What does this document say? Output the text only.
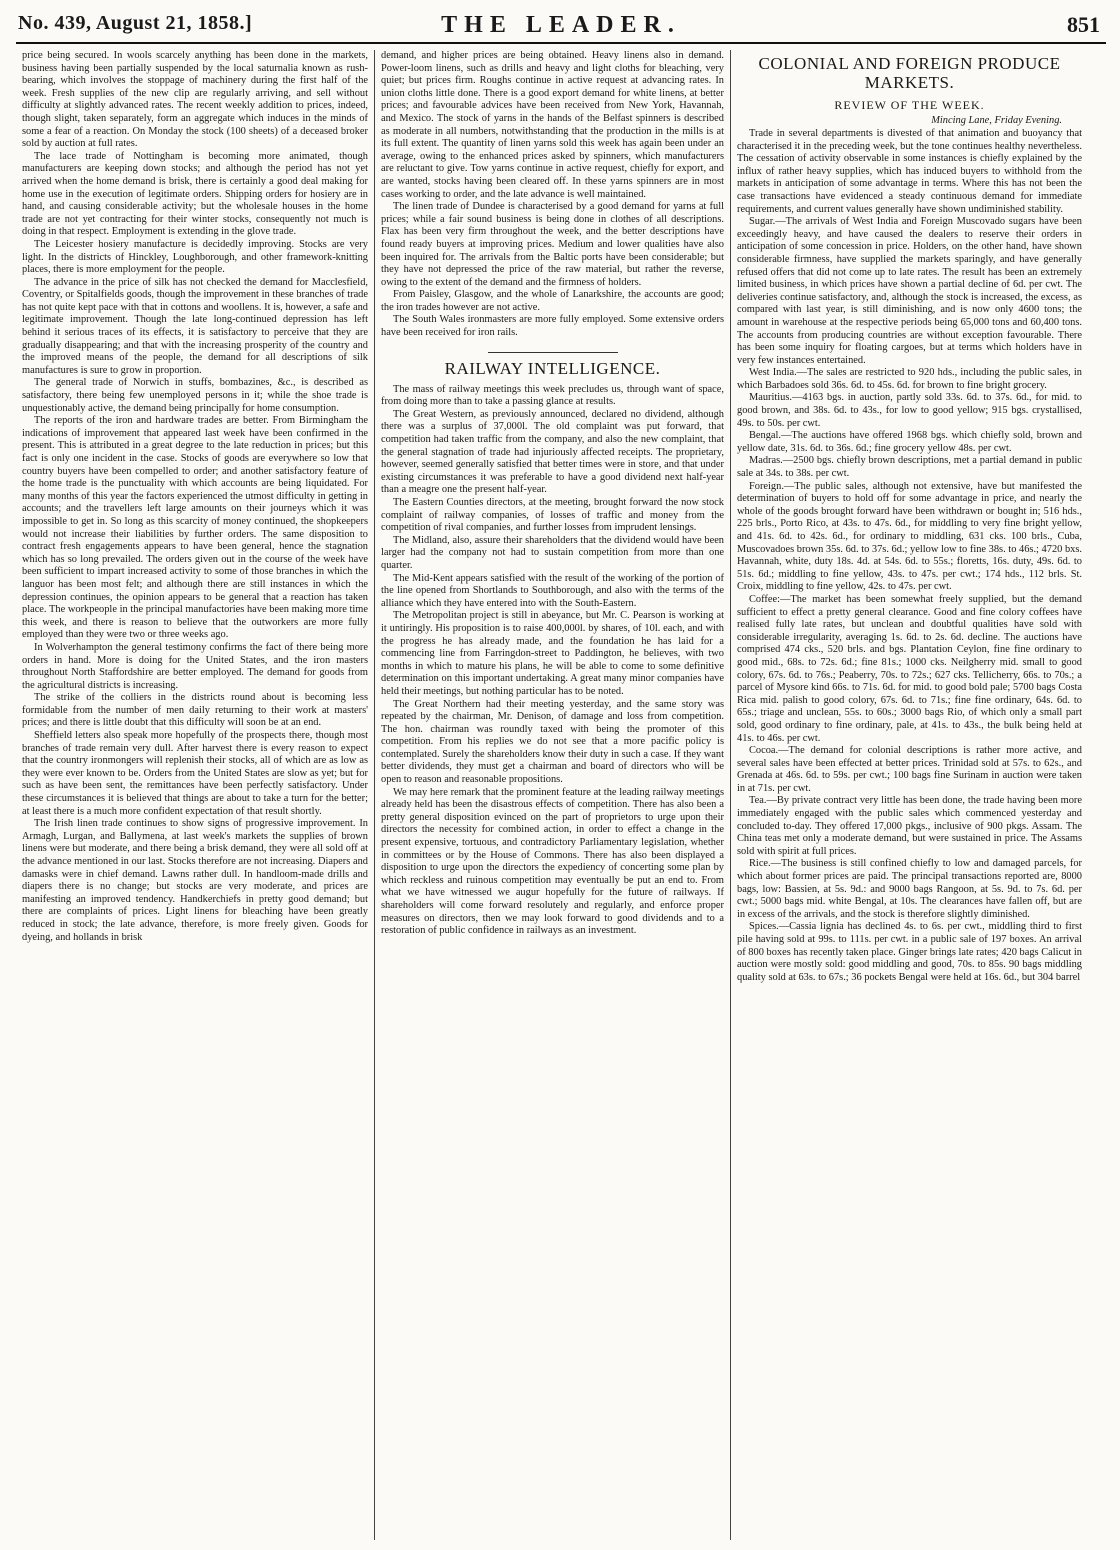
No. 439, August 21, 1858.]	THE LEADER.	851

price being secured. In wools scarcely anything has been done in the markets, business having been partially suspended by the local saturnalia known as rush-bearing, which involves the stoppage of machinery during the first half of the week. Fresh supplies of the new clip are regularly arriving, and sell without difficulty at slightly advanced rates. The recent weekly addition to prices, indeed, though slight, taken separately, form an aggregate which induces in the minds of some a fear of a reaction. On Monday the stock (100 sheets) of a deceased broker sold by auction at full rates.

The lace trade of Nottingham is becoming more animated, though manufacturers are keeping down stocks; and although the period has not yet arrived when the home demand is brisk, there is certainly a good deal making for home use in the execution of legitimate orders. Shipping orders for hosiery are in hand, and causing considerable activity; but the wholesale houses in the home trade are not yet contracting for their winter stocks, consequently not much is doing in that respect. Employment is extending in the glove trade.

The Leicester hosiery manufacture is decidedly improving. Stocks are very light. In the districts of Hinckley, Loughborough, and other framework-knitting places, there is more employment for the people.

The advance in the price of silk has not checked the demand for Macclesfield, Coventry, or Spitalfields goods, though the improvement in these branches of trade has not quite kept pace with that in cottons and woollens. It is, however, a safe and legitimate improvement. Though the late long-continued depression has left behind it serious traces of its effects, it is satisfactory to perceive that they are gradually disappearing; and that with the increasing prosperity of the country and the improved means of the people, the demand for all descriptions of silk manufactures is sure to grow in proportion.

The general trade of Norwich in stuffs, bombazines, &c., is described as satisfactory, there being few unemployed persons in it; while the shoe trade is unquestionably active, the demand being principally for home consumption.

The reports of the iron and hardware trades are better. From Birmingham the indications of improvement that appeared last week have been confirmed in the present. This is attributed in a great degree to the late reduction in prices; but this fact is only one incident in the case. Stocks of goods are everywhere so low that country buyers have been compelled to order; and another satisfactory feature of the home trade is the punctuality with which accounts are being liquidated. For many months of this year the factors experienced the utmost difficulty in getting in accounts; and the travellers left large amounts on their journeys which it was impossible to get in. So long as this scarcity of money continued, the shopkeepers would not increase their liabilities by further orders. The same disposition to contract fresh engagements appears to have been general, hence the stagnation which has so long prevailed. The orders given out in the course of the week have been sufficient to impart increased activity to some of those branches in which the languor has been most felt; and although there are still instances in which the depression continues, the opinion appears to be general that a reaction has taken place. The workpeople in the principal manufactories have been making more time this week, and there is reason to believe that the outworkers are more fully employed than they were two or three weeks ago.

In Wolverhampton the general testimony confirms the fact of there being more orders in hand. More is doing for the United States, and the iron masters throughout North Staffordshire are better employed. The demand for goods from the agricultural districts is increasing.

The strike of the colliers in the districts round about is becoming less formidable from the number of men daily returning to their work at masters' prices; and there is little doubt that this difficulty will soon be at an end.

Sheffield letters also speak more hopefully of the prospects there, though most branches of trade remain very dull. After harvest there is every reason to expect that the country ironmongers will replenish their stocks, all of which are as low as they were ever known to be. Orders from the United States are slow as yet; but for such as have been sent, the remittances have been perfectly satisfactory. Under these circumstances it is believed that things are about to take a turn for the better; at least there is a much more confident expectation of that result shortly.

The Irish linen trade continues to show signs of progressive improvement. In Armagh, Lurgan, and Ballymena, at last week's markets the supplies of brown linens were but moderate, and there being a brisk demand, they were all sold off at the advance mentioned in our last. Stocks therefore are not increasing. Diapers and damasks were in chief demand. Lawns rather dull. In handloom-made drills and diapers there is no change; but stocks are very moderate, and prices are manifesting an improved tendency. Handkerchiefs in pretty good demand; but there are complaints of prices. Light linens for bleaching have been greatly reduced in stock; the late advance, therefore, is more freely given. Goods for dyeing, and hollands in brisk

demand, and higher prices are being obtained. Heavy linens also in demand. Power-loom linens, such as drills and heavy and light cloths for bleaching, very quiet; but prices firm. Roughs continue in active request at advancing rates. In union cloths little done. There is a good export demand for white linens, at better prices; and favourable advices have been received from New York, Havannah, and Mexico. The stock of yarns in the hands of the Belfast spinners is described as moderate in all numbers, notwithstanding that the production in the mills is at its full extent. The quantity of linen yarns sold this week has again been under an average, owing to the enhanced prices asked by spinners, which manufacturers are reluctant to give. Tow yarns continue in active request, chiefly for export, and are wanted, stocks having been cleared off. In these yarns spinners are in most cases working to order, and the late advance is well maintained.

The linen trade of Dundee is characterised by a good demand for yarns at full prices; while a fair sound business is being done in clothes of all descriptions. Flax has been very firm throughout the week, and the better descriptions have found ready buyers at improving prices. Medium and lower qualities have also been inquired for. The arrivals from the Baltic ports have been considerable; but they have not depressed the price of the raw material, but rather the reverse, owing to the extent of the demand and the firmness of holders.

From Paisley, Glasgow, and the whole of Lanarkshire, the accounts are good; the iron trades however are not active.

The South Wales ironmasters are more fully employed. Some extensive orders have been received for iron rails.

RAILWAY INTELLIGENCE.

The mass of railway meetings this week precludes us, through want of space, from doing more than to take a passing glance at results.

The Great Western, as previously announced, declared no dividend, although there was a surplus of 37,000l. The old complaint was put forward, that competition had taken traffic from the company, and also the new complaint, that the general stagnation of trade had injuriously affected receipts. The proprietary, however, seemed generally satisfied that better times were in store, and that under existing circumstances it was preferable to have a good dividend next half-year than a meagre one the present half-year.

The Eastern Counties directors, at the meeting, brought forward the now stock complaint of railway companies, of losses of traffic and money from the competition of rival companies, and further losses from imprudent lensings.

The Midland, also, assure their shareholders that the dividend would have been larger had the company not had to sustain competition from more than one quarter.

The Mid-Kent appears satisfied with the result of the working of the portion of the line opened from Shortlands to Southborough, and also with the terms of the alliance which they have entered into with the South-Eastern.

The Metropolitan project is still in abeyance, but Mr. C. Pearson is working at it untiringly. His proposition is to raise 400,000l. by shares, of 10l. each, and with the progress he has already made, and the foundation he has laid for a commencing line from Farringdon-street to Paddington, he believes, with two months in which to mature his plans, he will be able to come to some definitive determination on this important undertaking. A great many minor companies have held their meetings, but nothing particular has to be noted.

The Great Northern had their meeting yesterday, and the same story was repeated by the chairman, Mr. Denison, of damage and loss from competition. The hon. chairman was roundly taxed with being the promoter of this competition. From his replies we do not see that a more pacific policy is contemplated. Surely the shareholders know their duty in such a case. If they want better dividends, they must get a chairman and board of directors who will be open to reason and reasonable propositions.

We may here remark that the prominent feature at the leading railway meetings already held has been the disastrous effects of competition. There has also been a pretty general disposition evinced on the part of proprietors to urge upon their directors the necessity for combined action, in order to effect a change in the present expensive, tortuous, and contradictory Parliamentary legislation, whether in committees or by the House of Commons. There has also been displayed a disposition to urge upon the directors the expediency of concerting some plan by which reckless and ruinous competition may eventually be put an end to. From what we have witnessed we augur hopefully for the future of railways. If shareholders will come forward resolutely and regularly, and enforce proper measures on directors, then we may look forward to good dividends and to a restoration of public confidence in railways as an investment.

COLONIAL AND FOREIGN PRODUCE MARKETS.
REVIEW OF THE WEEK.
Mincing Lane, Friday Evening.

Trade in several departments is divested of that animation and buoyancy that characterised it in the preceding week, but the tone continues healthy nevertheless. The cessation of activity observable in some instances is chiefly explained by the influx of rather heavy supplies, which has induced buyers to withhold from the markets in anticipation of some advantage in terms. Where this has not been the case transactions have evidenced a steady continuous demand for immediate requirements, and current values generally have shown undiminished stability.

Sugar.—The arrivals of West India and Foreign Muscovado sugars have been exceedingly heavy, and have caused the dealers to reserve their orders in anticipation of some concession in price. Holders, on the other hand, have shown considerable firmness, have supplied the markets sparingly, and have generally refused offers that did not come up to late rates. The result has been an extremely limited business, in which prices have shown a partial decline of 6d. per cwt. The deliveries continue satisfactory, and, although the stock is increased, the excess, as compared with last year, is still diminishing, and is now only 4600 tons; the amount in warehouse at the respective periods being 65,000 tons and 60,400 tons. The accounts from producing countries are without exception favourable. There has been some inquiry for floating cargoes, but at terms which holders have in very few instances entertained.

West India.—The sales are restricted to 920 hds., including the public sales, in which Barbadoes sold 36s. 6d. to 45s. 6d. for brown to fine bright grocery.

Mauritius.—4163 bgs. in auction, partly sold 33s. 6d. to 37s. 6d., for mid. to good brown, and 38s. 6d. to 43s., for low to good yellow; 915 bgs. crystallised, 49s. to 50s. per cwt.

Bengal.—The auctions have offered 1968 bgs. which chiefly sold, brown and yellow date, 31s. 6d. to 36s. 6d.; fine grocery yellow 48s. per cwt.

Madras.—2500 bgs. chiefly brown descriptions, met a partial demand in public sale at 34s. to 38s. per cwt.

Foreign.—The public sales, although not extensive, have but manifested the determination of buyers to hold off for some advantage in price, and nearly the whole of the goods brought forward have been withdrawn or bought in; 516 hds., 225 brls., Porto Rico, at 43s. to 47s. 6d., for middling to very fine bright yellow, and 41s. 6d. to 42s. 6d., for ordinary to middling, 631 cks. 100 brls., Cuba, Muscovadoes brown 35s. 6d. to 37s. 6d.; yellow low to fine 38s. to 46s.; 4720 bxs. Havannah, white, duty 18s. 4d. at 54s. 6d. to 55s.; floretts, 16s. duty, 49s. 6d. to 51s. 6d.; middling to fine yellow, 43s. to 47s. per cwt.; 174 hds., 112 brls. St. Croix, middling to fine yellow, 42s. to 47s. per cwt.

Coffee:—The market has been somewhat freely supplied, but the demand sufficient to effect a pretty general clearance. Good and fine colory coffees have realised fully late rates, but unclean and doubtful qualities have sold with considerable irregularity, averaging 1s. 6d. to 2s. 6d. decline. The auctions have comprised 474 cks., 520 brls. and bgs. Plantation Ceylon, fine fine ordinary to good mid., 68s. to 72s. 6d.; fine 81s.; 1000 cks. Neilgherry mid. small to good colory, 67s. 6d. to 76s.; Peaberry, 70s. to 72s.; 627 cks. Tellicherry, 66s. to 70s.; a parcel of Mysore kind 66s. to 71s. 6d. for mid. to good bold pale; 5700 bags Costa Rica mid. palish to good colory, 67s. 6d. to 71s.; fine fine ordinary, 64s. 6d. to 65s.; triage and unclean, 55s. to 60s.; 3000 bags Rio, of which only a small part sold, good ordinary to fine ordinary, pale, at 41s. to 43s., the bulk being held at 41s. to 46s. per cwt.

Cocoa.—The demand for colonial descriptions is rather more active, and several sales have been effected at better prices. Trinidad sold at 57s. to 62s., and Grenada at 46s. 6d. to 59s. per cwt.; 100 bags fine Surinam in auction were taken in at 71s. per cwt.

Tea.—By private contract very little has been done, the trade having been more immediately engaged with the public sales which commenced yesterday and concluded to-day. They offered 17,000 pkgs., inclusive of 900 pkgs. Assam. The China teas met only a moderate demand, but were sustained in price. The Assams sold with spirit at full prices.

Rice.—The business is still confined chiefly to low and damaged parcels, for which about former prices are paid. The principal transactions reported are, 8000 bags, low: Bassien, at 5s. 9d.: and 9000 bags Rangoon, at 5s. 9d. to 7s. 6d. per cwt.; 5000 bags mid. white Bengal, at 10s. The clearances have fallen off, but are in excess of the arrivals, and the stock is therefore slightly diminished.

Spices.—Cassia lignia has declined 4s. to 6s. per cwt., middling third to first pile having sold at 99s. to 111s. per cwt. in a public sale of 197 boxes. An arrival of 800 boxes has recently taken place. Ginger brings late rates; 420 bags Calicut in auction were mostly sold: good middling and good, 70s. to 85s. 90 bags middling quality sold at 63s. to 67s.; 36 pockets Bengal were held at 16s. 6d., but 304 barrel
